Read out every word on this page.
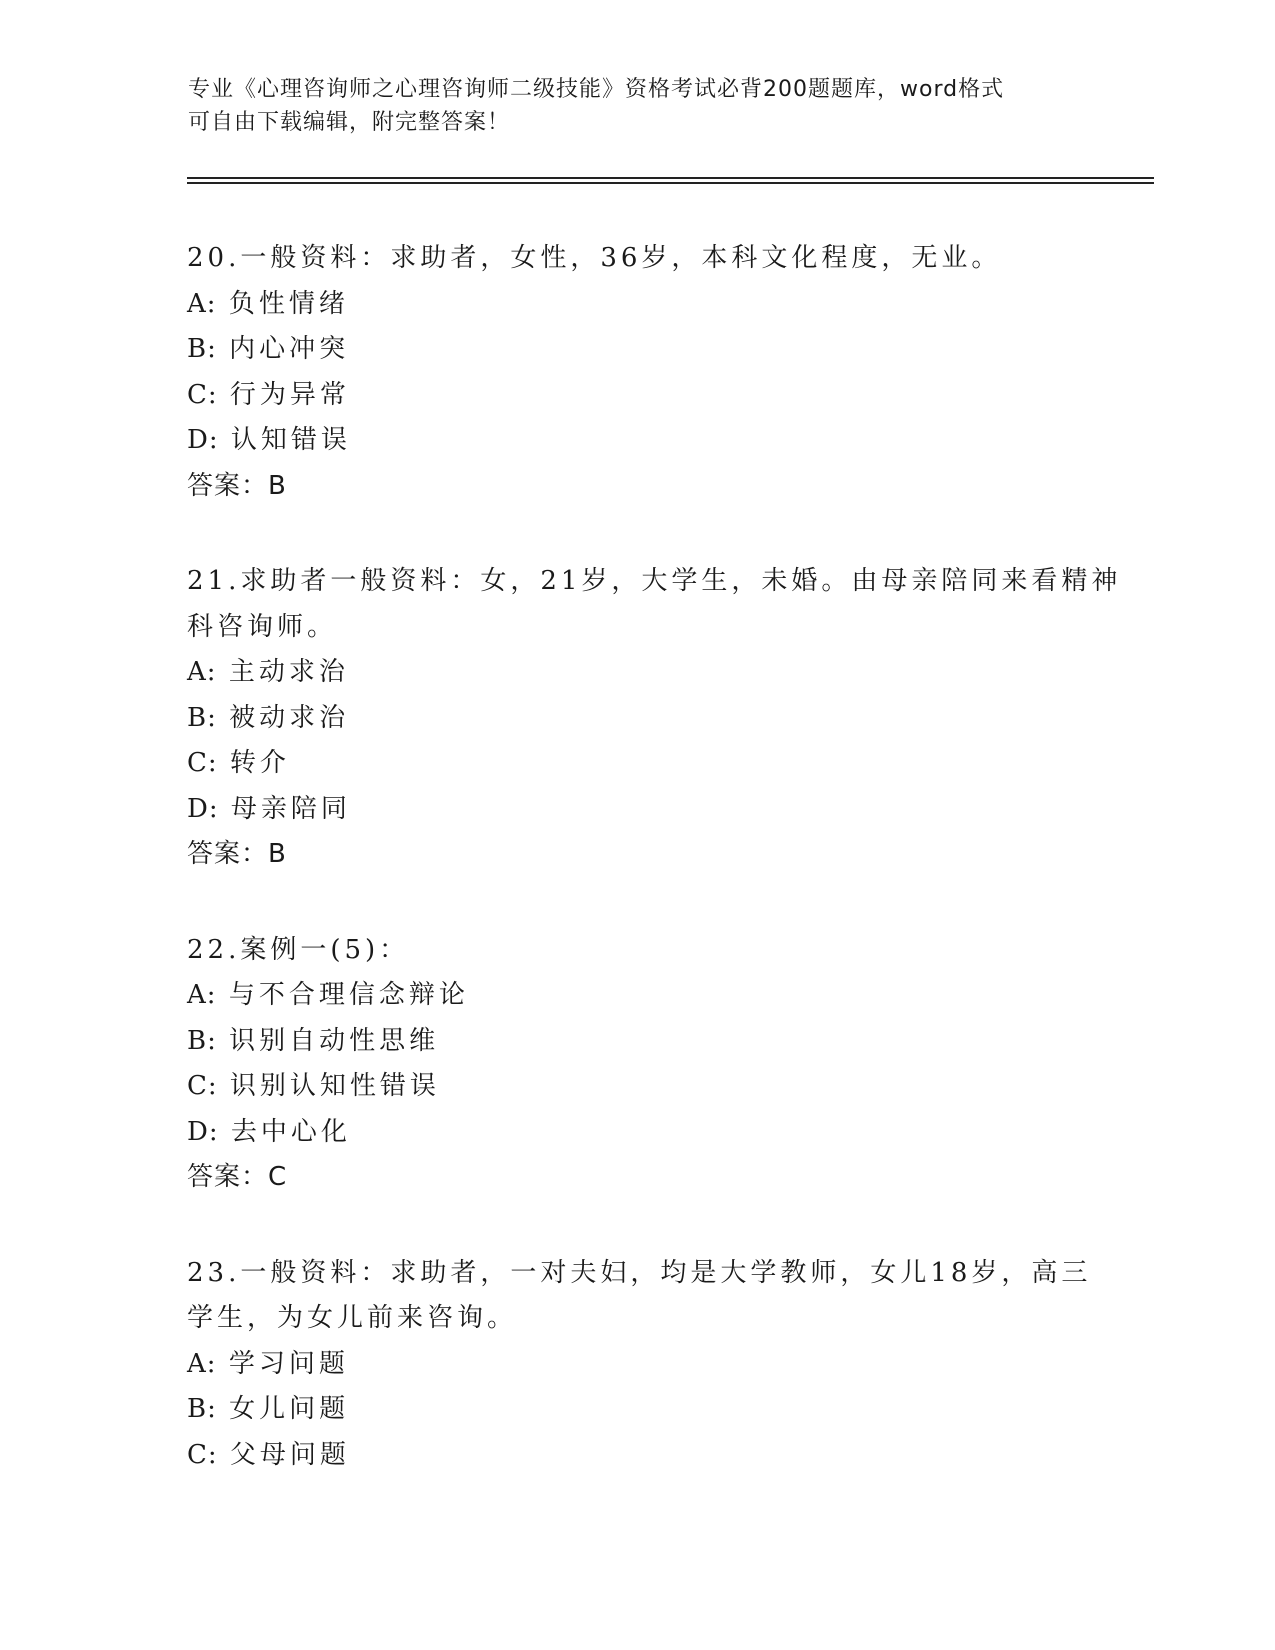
专业《心理咨询师之心理咨询师二级技能》资格考试必背200题题库，word格式
可自由下载编辑，附完整答案！
20.一般资料：求助者，女性，36岁，本科文化程度，无业。
A: 负性情绪
B: 内心冲突
C: 行为异常
D: 认知错误
答案：B
21.求助者一般资料：女，21岁，大学生，未婚。由母亲陪同来看精神
科咨询师。
A: 主动求治
B: 被动求治
C: 转介
D: 母亲陪同
答案：B
22.案例一(5)：
A: 与不合理信念辩论
B: 识别自动性思维
C: 识别认知性错误
D: 去中心化
答案：C
23.一般资料：求助者，一对夫妇，均是大学教师，女儿18岁，高三
学生，为女儿前来咨询。
A: 学习问题
B: 女儿问题
C: 父母问题
